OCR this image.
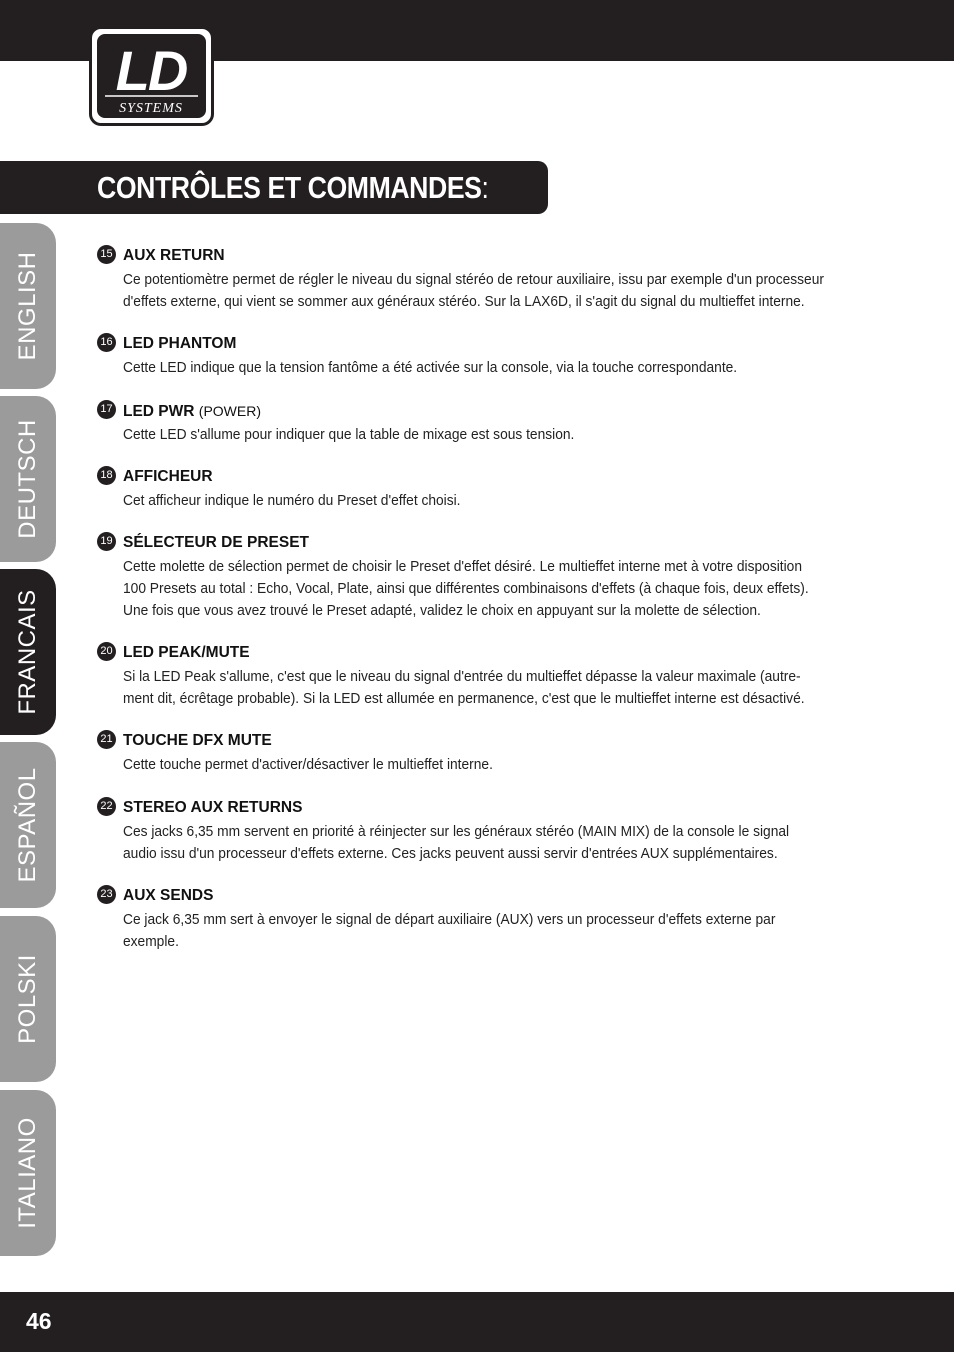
LD
SYSTEMS
CONTRÔLES ET COMMANDES:
ENGLISH
DEUTSCH
FRANCAIS
ESPAÑOL
POLSKI
ITALIANO
15 AUX RETURN
Ce potentiomètre permet de régler le niveau du signal stéréo de retour auxiliaire, issu par exemple d'un processeur d'effets externe, qui vient se sommer aux généraux stéréo. Sur la LAX6D, il s'agit du signal du multieffet interne.
16 LED PHANTOM
Cette LED indique que la tension fantôme a été activée sur la console, via la touche correspondante.
17 LED PWR (POWER)
Cette LED s'allume pour indiquer que la table de mixage est sous tension.
18 AFFICHEUR
Cet afficheur indique le numéro du Preset d'effet choisi.
19 SÉLECTEUR DE PRESET
Cette molette de sélection permet de choisir le Preset d'effet désiré. Le multieffet interne met à votre disposition 100 Presets au total : Echo, Vocal, Plate, ainsi que différentes combinaisons d'effets (à chaque fois, deux effets). Une fois que vous avez trouvé le Preset adapté, validez le choix en appuyant sur la molette de sélection.
20 LED PEAK/MUTE
Si la LED Peak s'allume, c'est que le niveau du signal d'entrée du multieffet dépasse la valeur maximale (autre-ment dit, écrêtage probable). Si la LED est allumée en permanence, c'est que le multieffet interne est désactivé.
21 TOUCHE DFX MUTE
Cette touche permet d'activer/désactiver le multieffet interne.
22 STEREO AUX RETURNS
Ces jacks 6,35 mm servent en priorité à réinjecter sur les généraux stéréo (MAIN MIX) de la console le signal audio issu d'un processeur d'effets externe. Ces jacks peuvent aussi servir d'entrées AUX supplémentaires.
23 AUX SENDS
Ce jack 6,35 mm sert à envoyer le signal de départ auxiliaire (AUX) vers un processeur d'effets externe par exemple.
46
